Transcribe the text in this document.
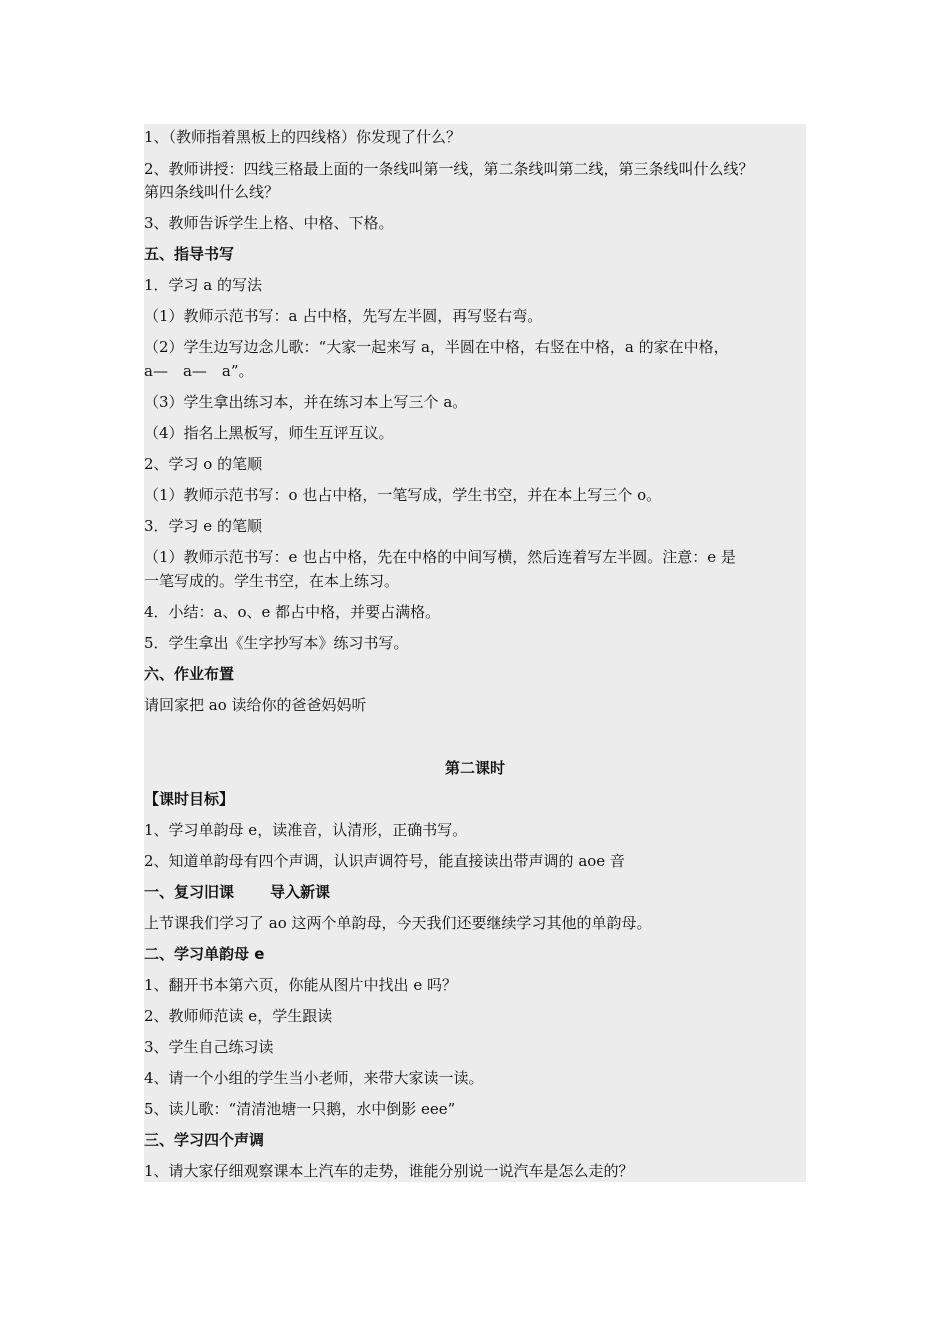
1、（教师指着黑板上的四线格）你发现了什么？
2、教师讲授：四线三格最上面的一条线叫第一线，第二条线叫第二线，第三条线叫什么线？
第四条线叫什么线？
3、教师告诉学生上格、中格、下格。
五、指导书写
1．学习 a 的写法
（1）教师示范书写：a 占中格，先写左半圆，再写竖右弯。
（2）学生边写边念儿歌：“大家一起来写 a，半圆在中格，右竖在中格，a 的家在中格，
a—　a—　a”。
（3）学生拿出练习本，并在练习本上写三个 a。
（4）指名上黑板写，师生互评互议。
2、学习 o 的笔顺
（1）教师示范书写：o 也占中格，一笔写成，学生书空，并在本上写三个 o。
3．学习 e 的笔顺
（1）教师示范书写：e 也占中格，先在中格的中间写横，然后连着写左半圆。注意：e 是
一笔写成的。学生书空，在本上练习。
4．小结：a、o、e 都占中格，并要占满格。
5．学生拿出《生字抄写本》练习书写。
六、作业布置
请回家把 ao 读给你的爸爸妈妈听
第二课时
【课时目标】
1、学习单韵母 e，读准音，认清形，正确书写。
2、知道单韵母有四个声调，认识声调符号，能直接读出带声调的 aoe 音
一、复习旧课 导入新课
上节课我们学习了 ao 这两个单韵母，今天我们还要继续学习其他的单韵母。
二、学习单韵母 e
1、翻开书本第六页，你能从图片中找出 e 吗？
2、教师师范读 e，学生跟读
3、学生自己练习读
4、请一个小组的学生当小老师，来带大家读一读。
5、读儿歌：“清清池塘一只鹅，水中倒影 eee”
三、学习四个声调
1、请大家仔细观察课本上汽车的走势，谁能分别说一说汽车是怎么走的？
